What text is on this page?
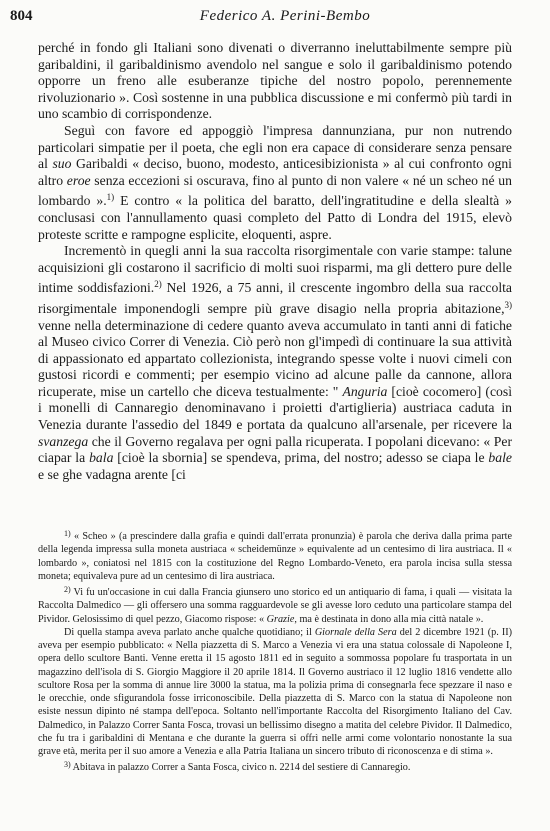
804	Federico A. Perini-Bembo

perché in fondo gli Italiani sono divenati o diverranno ineluttabilmente sempre più garibaldini, il garibaldinismo avendolo nel sangue e solo il garibaldinismo potendo opporre un freno alle esuberanze tipiche del nostro popolo, perennemente rivoluzionario ». Così sostenne in una pubblica discussione e mi confermò più tardi in uno scambio di corrispondenze.

Seguì con favore ed appoggiò l'impresa dannunziana, pur non nutrendo particolari simpatie per il poeta, che egli non era capace di considerare senza pensare al suo Garibaldi « deciso, buono, modesto, anticesibizionista » al cui confronto ogni altro eroe senza eccezioni si oscurava, fino al punto di non valere « né un scheo né un lombardo ».$^{1)}$ E contro « la politica del baratto, dell'ingratitudine e della slealtà » conclusasi con l'annullamento quasi completo del Patto di Londra del 1915, elevò proteste scritte e rampogne esplicite, eloquenti, aspre.

Incrementò in quegli anni la sua raccolta risorgimentale con varie stampe: talune acquisizioni gli costarono il sacrificio di molti suoi risparmi, ma gli dettero pure delle intime soddisfazioni.$^{2)}$ Nel 1926, a 75 anni, il crescente ingombro della sua raccolta risorgimentale imponendogli sempre più grave disagio nella propria abitazione,$^{3)}$ venne nella determinazione di cedere quanto aveva accumulato in tanti anni di fatiche al Museo civico Correr di Venezia. Ciò però non gl'impedì di continuare la sua attività di appassionato ed appartato collezionista, integrando spesse volte i nuovi cimeli con gustosi ricordi e commenti; per esempio vicino ad alcune palle da cannone, allora ricuperate, mise un cartello che diceva testualmente: " Anguria [cioè cocomero] (così i monelli di Cannaregio denominavano i proietti d'artiglieria) austriaca caduta in Venezia durante l'assedio del 1849 e portata da qualcuno all'arsenale, per ricevere la svanzega che il Governo regalava per ogni palla ricuperata. I popolani dicevano: « Per ciapar la bala [cioè la sbornia] se spendeva, prima, del nostro; adesso se ciapa le bale e se ghe vadagna arente [ci

$^{1)}$ « Scheo » (a prescindere dalla grafia e quindi dall'errata pronunzia) è parola che deriva dalla prima parte della legenda impressa sulla moneta austriaca « scheidemünze » equivalente ad un centesimo di lira austriaca. Il « lombardo », coniatosi nel 1815 con la costituzione del Regno Lombardo-Veneto, era parola incisa sulla stessa moneta; equivaleva pure ad un centesimo di lira austriaca.

$^{2)}$ Vi fu un'occasione in cui dalla Francia giunsero uno storico ed un antiquario di fama, i quali — visitata la Raccolta Dalmedico — gli offersero una somma ragguardevole se gli avesse loro ceduto una particolare stampa del Pividor. Gelosissimo di quel pezzo, Giacomo rispose: « Grazie, ma è destinata in dono alla mia città natale ».

Di quella stampa aveva parlato anche qualche quotidiano; il Giornale della Sera del 2 dicembre 1921 (p. II) aveva per esempio pubblicato: « Nella piazzetta di S. Marco a Venezia vi era una statua colossale di Napoleone I, opera dello scultore Banti. Venne eretta il 15 agosto 1811 ed in seguito a sommossa popolare fu trasportata in un magazzino dell'isola di S. Giorgio Maggiore il 20 aprile 1814. Il Governo austriaco il 12 luglio 1816 vendette allo scultore Rosa per la somma di annue lire 3000 la statua, ma la polizia prima di consegnarla fece spezzare il naso e le orecchie, onde sfigurandola fosse irriconoscibile. Della piazzetta di S. Marco con la statua di Napoleone non esiste nessun dipinto né stampa dell'epoca. Soltanto nell'importante Raccolta del Risorgimento Italiano del Cav. Dalmedico, in Palazzo Correr Santa Fosca, trovasi un bellissimo disegno a matita del celebre Pividor. Il Dalmedico, che fu tra i garibaldini di Mentana e che durante la guerra si offrì nelle armi come volontario nonostante la sua grave età, merita per il suo amore a Venezia e alla Patria Italiana un sincero tributo di riconoscenza e di stima ».

$^{3)}$ Abitava in palazzo Correr a Santa Fosca, civico n. 2214 del sestiere di Cannaregio.
